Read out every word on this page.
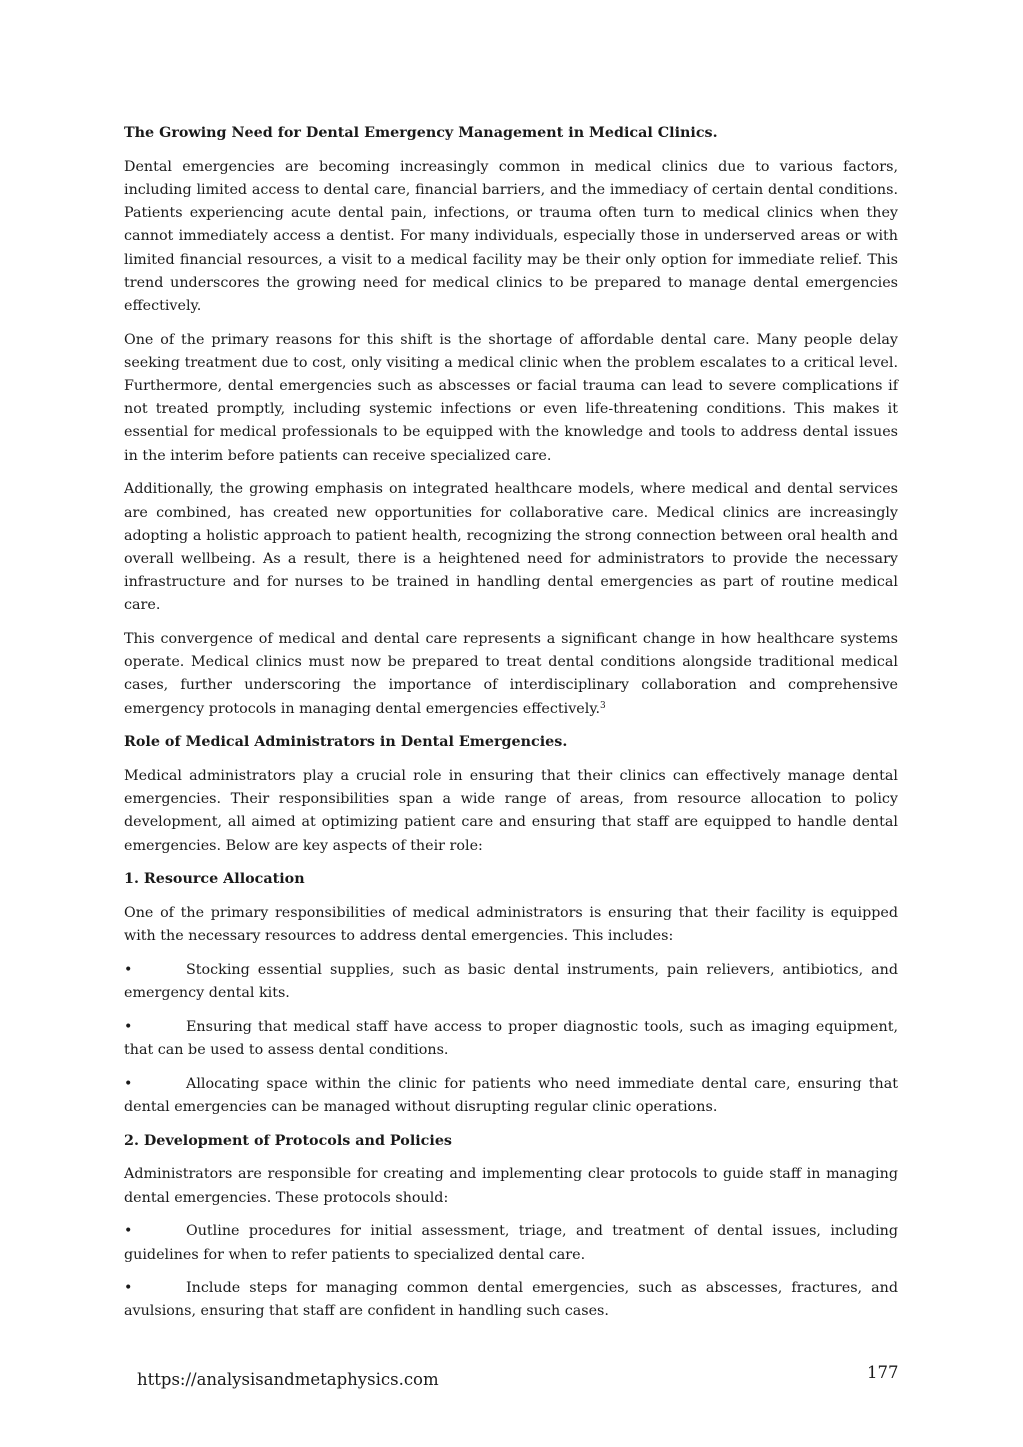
The Growing Need for Dental Emergency Management in Medical Clinics.

Dental emergencies are becoming increasingly common in medical clinics due to various factors, including limited access to dental care, financial barriers, and the immediacy of certain dental conditions. Patients experiencing acute dental pain, infections, or trauma often turn to medical clinics when they cannot immediately access a dentist. For many individuals, especially those in underserved areas or with limited financial resources, a visit to a medical facility may be their only option for immediate relief. This trend underscores the growing need for medical clinics to be prepared to manage dental emergencies effectively.

One of the primary reasons for this shift is the shortage of affordable dental care. Many people delay seeking treatment due to cost, only visiting a medical clinic when the problem escalates to a critical level. Furthermore, dental emergencies such as abscesses or facial trauma can lead to severe complications if not treated promptly, including systemic infections or even life-threatening conditions. This makes it essential for medical professionals to be equipped with the knowledge and tools to address dental issues in the interim before patients can receive specialized care.

Additionally, the growing emphasis on integrated healthcare models, where medical and dental services are combined, has created new opportunities for collaborative care. Medical clinics are increasingly adopting a holistic approach to patient health, recognizing the strong connection between oral health and overall wellbeing. As a result, there is a heightened need for administrators to provide the necessary infrastructure and for nurses to be trained in handling dental emergencies as part of routine medical care.

This convergence of medical and dental care represents a significant change in how healthcare systems operate. Medical clinics must now be prepared to treat dental conditions alongside traditional medical cases, further underscoring the importance of interdisciplinary collaboration and comprehensive emergency protocols in managing dental emergencies effectively.$^3$

Role of Medical Administrators in Dental Emergencies.

Medical administrators play a crucial role in ensuring that their clinics can effectively manage dental emergencies. Their responsibilities span a wide range of areas, from resource allocation to policy development, all aimed at optimizing patient care and ensuring that staff are equipped to handle dental emergencies. Below are key aspects of their role:

1. Resource Allocation

One of the primary responsibilities of medical administrators is ensuring that their facility is equipped with the necessary resources to address dental emergencies. This includes:

•	Stocking essential supplies, such as basic dental instruments, pain relievers, antibiotics, and emergency dental kits.
•	Ensuring that medical staff have access to proper diagnostic tools, such as imaging equipment, that can be used to assess dental conditions.
•	Allocating space within the clinic for patients who need immediate dental care, ensuring that dental emergencies can be managed without disrupting regular clinic operations.
2. Development of Protocols and Policies

Administrators are responsible for creating and implementing clear protocols to guide staff in managing dental emergencies. These protocols should:

•	Outline procedures for initial assessment, triage, and treatment of dental issues, including guidelines for when to refer patients to specialized dental care.
•	Include steps for managing common dental emergencies, such as abscesses, fractures, and avulsions, ensuring that staff are confident in handling such cases.
https://analysisandmetaphysics.com	177
